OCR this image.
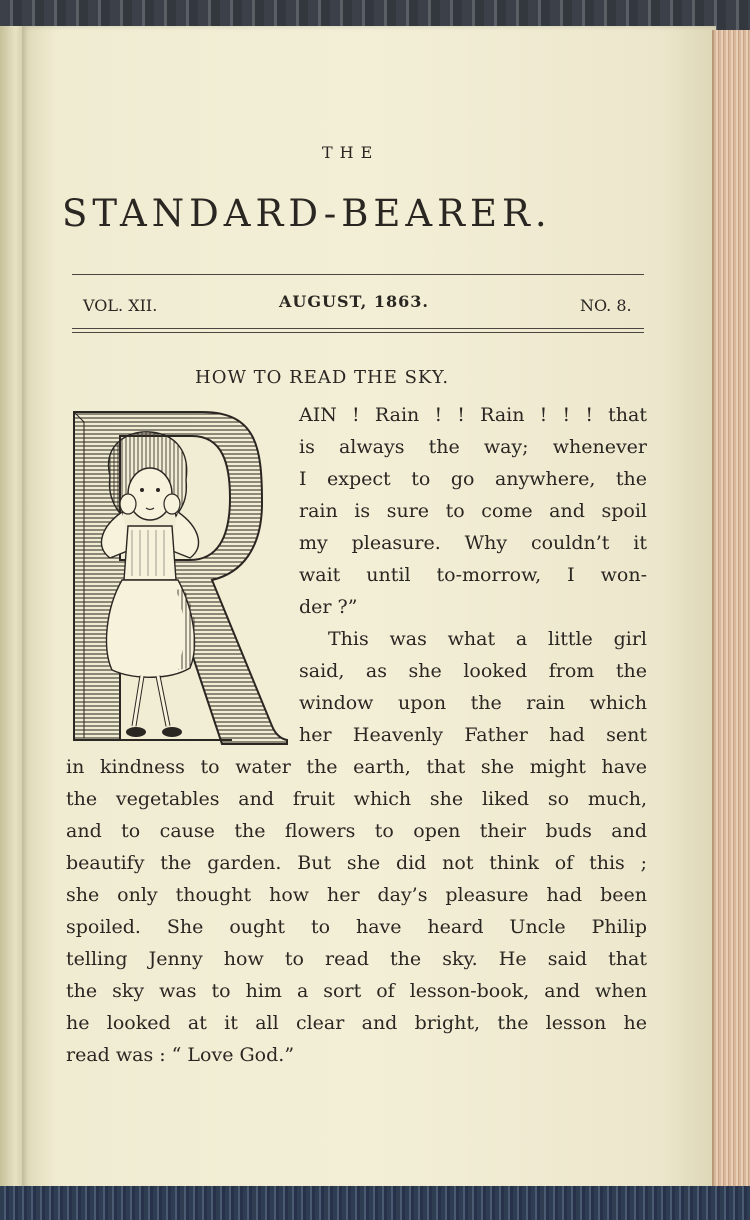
THE
STANDARD-BEARER.
VOL. XII.	AUGUST, 1863.	NO. 8.
HOW TO READ THE SKY.
AIN ! Rain ! ! Rain ! ! ! that
is always the way; whenever
I expect to go anywhere, the
rain is sure to come and spoil
my pleasure. Why couldn’t it
wait until to-morrow, I won-
der ?”
This was what a little girl
said, as she looked from the
window upon the rain which
her Heavenly Father had sent
in kindness to water the earth, that she might have
the vegetables and fruit which she liked so much,
and to cause the flowers to open their buds and
beautify the garden. But she did not think of this ;
she only thought how her day’s pleasure had been
spoiled. She ought to have heard Uncle Philip
telling Jenny how to read the sky. He said that
the sky was to him a sort of lesson-book, and when
he looked at it all clear and bright, the lesson he
read was : “ Love God.”
